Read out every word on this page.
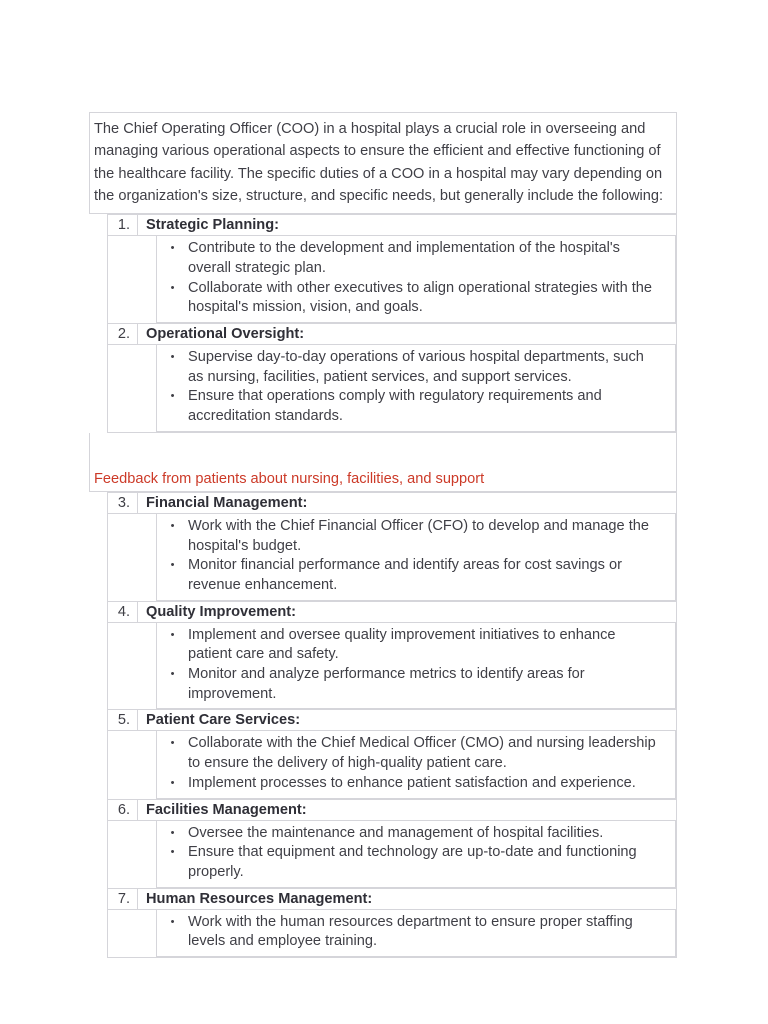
The Chief Operating Officer (COO) in a hospital plays a crucial role in overseeing and managing various operational aspects to ensure the efficient and effective functioning of the healthcare facility. The specific duties of a COO in a hospital may vary depending on the organization's size, structure, and specific needs, but generally include the following:
1.	Strategic Planning:
• Contribute to the development and implementation of the hospital's overall strategic plan.
• Collaborate with other executives to align operational strategies with the hospital's mission, vision, and goals.
2.	Operational Oversight:
• Supervise day-to-day operations of various hospital departments, such as nursing, facilities, patient services, and support services.
• Ensure that operations comply with regulatory requirements and accreditation standards.
Feedback from patients about nursing, facilities, and support
3.	Financial Management:
• Work with the Chief Financial Officer (CFO) to develop and manage the hospital's budget.
• Monitor financial performance and identify areas for cost savings or revenue enhancement.
4.	Quality Improvement:
• Implement and oversee quality improvement initiatives to enhance patient care and safety.
• Monitor and analyze performance metrics to identify areas for improvement.
5.	Patient Care Services:
• Collaborate with the Chief Medical Officer (CMO) and nursing leadership to ensure the delivery of high-quality patient care.
• Implement processes to enhance patient satisfaction and experience.
6.	Facilities Management:
• Oversee the maintenance and management of hospital facilities.
• Ensure that equipment and technology are up-to-date and functioning properly.
7.	Human Resources Management:
• Work with the human resources department to ensure proper staffing levels and employee training.
